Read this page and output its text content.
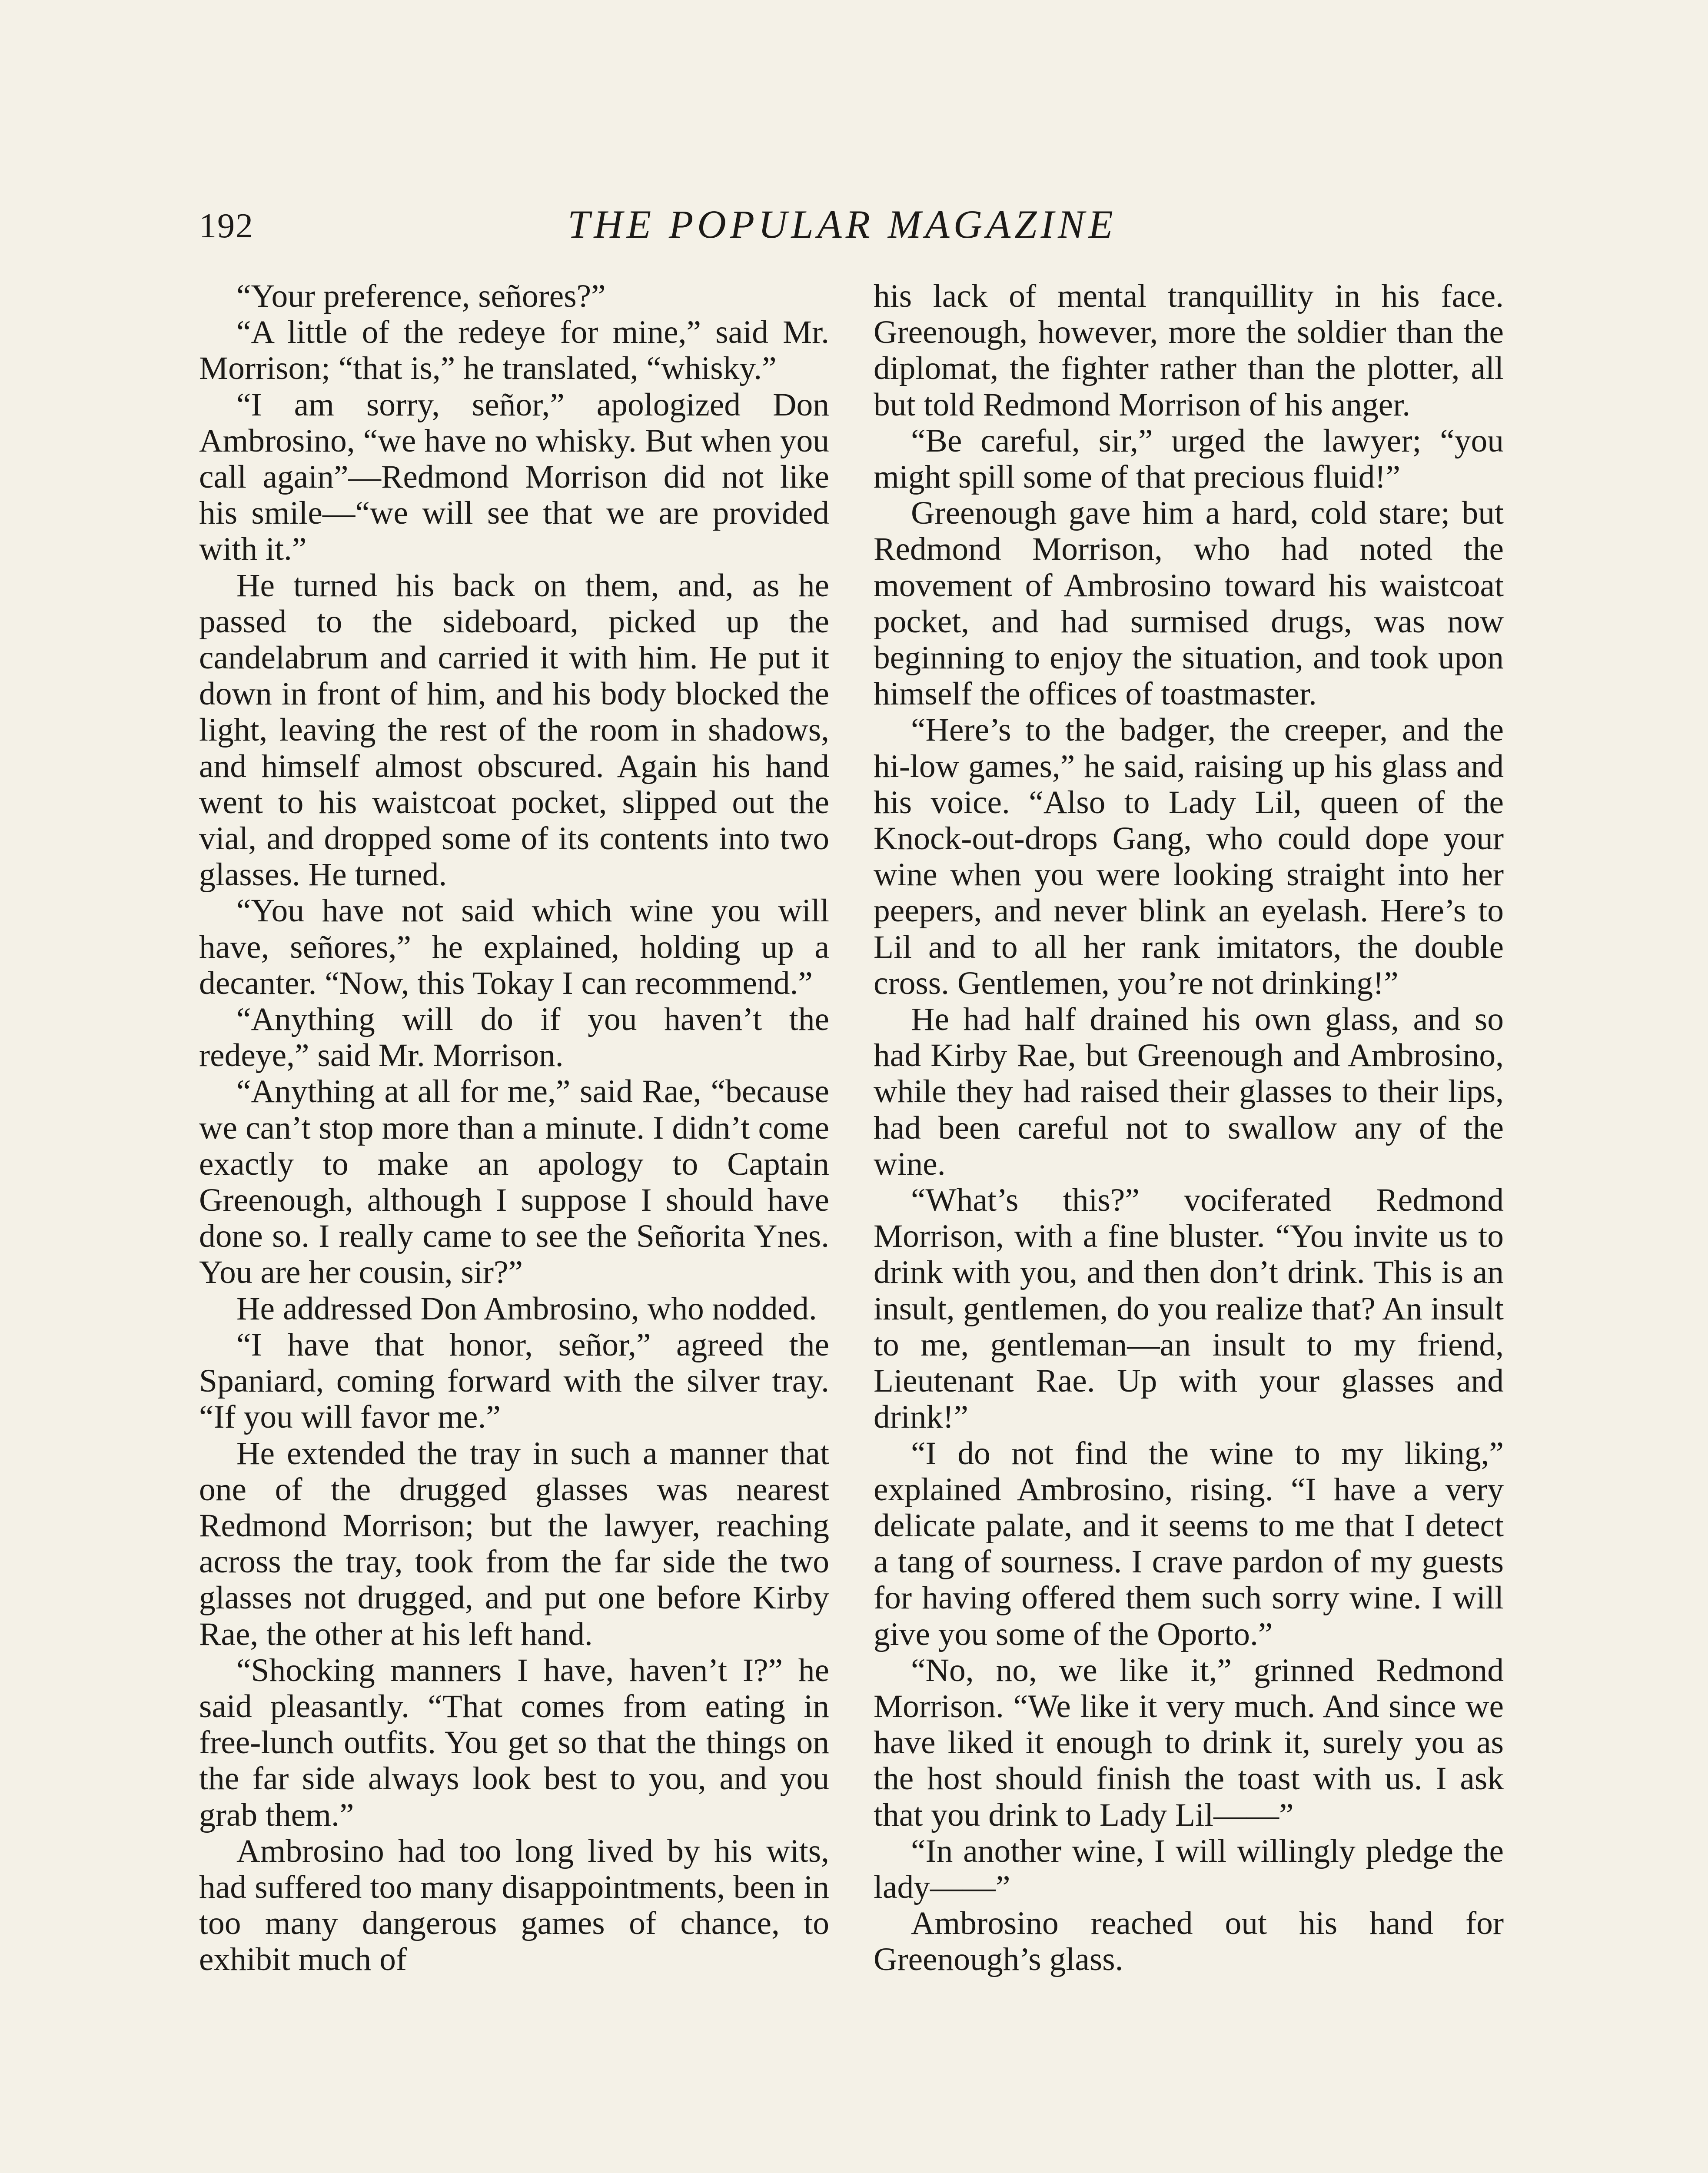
192	THE POPULAR MAGAZINE

“Your preference, señores?”

“A little of the redeye for mine,” said Mr. Morrison; “that is,” he translated, “whisky.”

“I am sorry, señor,” apologized Don Ambrosino, “we have no whisky. But when you call again”—Redmond Morrison did not like his smile—“we will see that we are provided with it.”

He turned his back on them, and, as he passed to the sideboard, picked up the candelabrum and carried it with him. He put it down in front of him, and his body blocked the light, leaving the rest of the room in shadows, and himself almost obscured. Again his hand went to his waistcoat pocket, slipped out the vial, and dropped some of its contents into two glasses. He turned.

“You have not said which wine you will have, señores,” he explained, holding up a decanter. “Now, this Tokay I can recommend.”

“Anything will do if you haven’t the redeye,” said Mr. Morrison.

“Anything at all for me,” said Rae, “because we can’t stop more than a minute. I didn’t come exactly to make an apology to Captain Greenough, although I suppose I should have done so. I really came to see the Señorita Ynes. You are her cousin, sir?”

He addressed Don Ambrosino, who nodded.

“I have that honor, señor,” agreed the Spaniard, coming forward with the silver tray. “If you will favor me.”

He extended the tray in such a manner that one of the drugged glasses was nearest Redmond Morrison; but the lawyer, reaching across the tray, took from the far side the two glasses not drugged, and put one before Kirby Rae, the other at his left hand.

“Shocking manners I have, haven’t I?” he said pleasantly. “That comes from eating in free-lunch outfits. You get so that the things on the far side always look best to you, and you grab them.”

Ambrosino had too long lived by his wits, had suffered too many disappointments, been in too many dangerous games of chance, to exhibit much of

his lack of mental tranquillity in his face. Greenough, however, more the soldier than the diplomat, the fighter rather than the plotter, all but told Redmond Morrison of his anger.

“Be careful, sir,” urged the lawyer; “you might spill some of that precious fluid!”

Greenough gave him a hard, cold stare; but Redmond Morrison, who had noted the movement of Ambrosino toward his waistcoat pocket, and had surmised drugs, was now beginning to enjoy the situation, and took upon himself the offices of toastmaster.

“Here’s to the badger, the creeper, and the hi-low games,” he said, raising up his glass and his voice. “Also to Lady Lil, queen of the Knock-out-drops Gang, who could dope your wine when you were looking straight into her peepers, and never blink an eyelash. Here’s to Lil and to all her rank imitators, the double cross. Gentlemen, you’re not drinking!”

He had half drained his own glass, and so had Kirby Rae, but Greenough and Ambrosino, while they had raised their glasses to their lips, had been careful not to swallow any of the wine.

“What’s this?” vociferated Redmond Morrison, with a fine bluster. “You invite us to drink with you, and then don’t drink. This is an insult, gentlemen, do you realize that? An insult to me, gentleman—an insult to my friend, Lieutenant Rae. Up with your glasses and drink!”

“I do not find the wine to my liking,” explained Ambrosino, rising. “I have a very delicate palate, and it seems to me that I detect a tang of sourness. I crave pardon of my guests for having offered them such sorry wine. I will give you some of the Oporto.”

“No, no, we like it,” grinned Redmond Morrison. “We like it very much. And since we have liked it enough to drink it, surely you as the host should finish the toast with us. I ask that you drink to Lady Lil——”

“In another wine, I will willingly pledge the lady——”

Ambrosino reached out his hand for Greenough’s glass.
